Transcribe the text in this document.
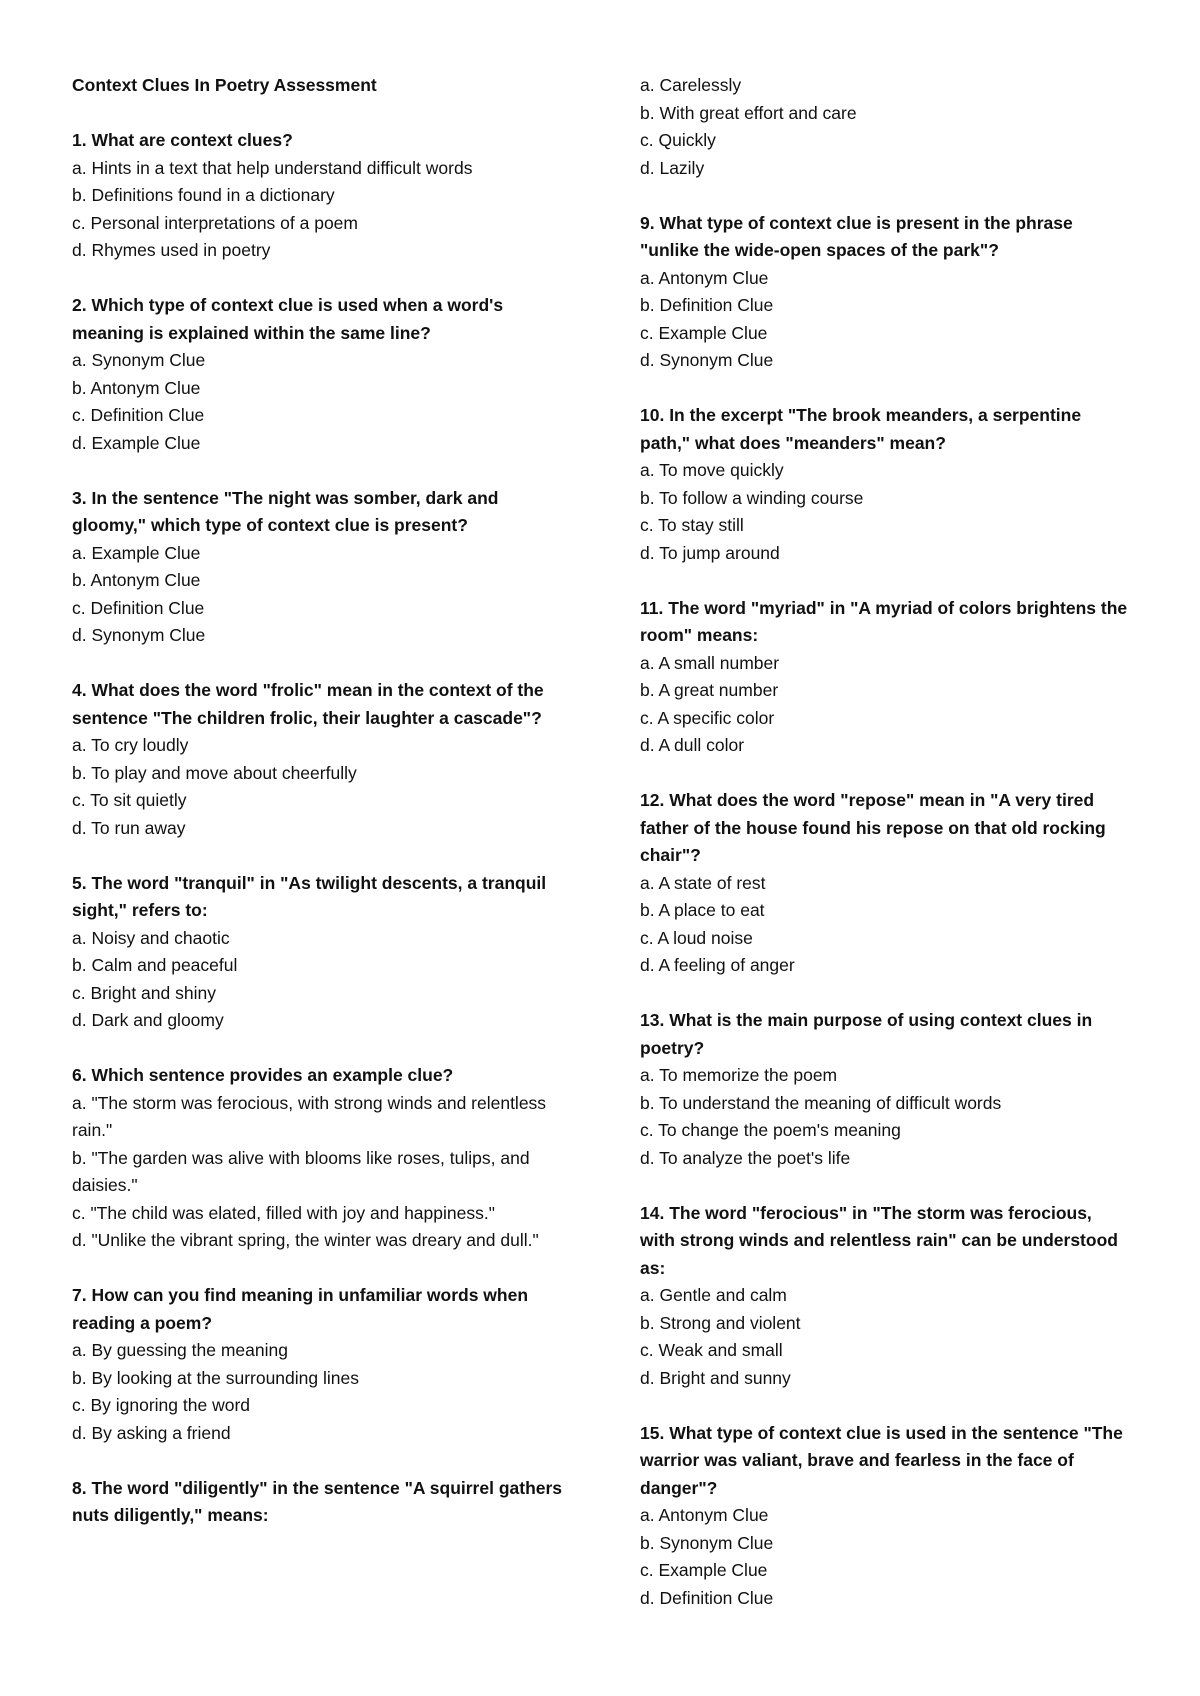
Context Clues In Poetry Assessment
1. What are context clues?
a. Hints in a text that help understand difficult words
b. Definitions found in a dictionary
c. Personal interpretations of a poem
d. Rhymes used in poetry
2. Which type of context clue is used when a word's meaning is explained within the same line?
a. Synonym Clue
b. Antonym Clue
c. Definition Clue
d. Example Clue
3. In the sentence "The night was somber, dark and gloomy," which type of context clue is present?
a. Example Clue
b. Antonym Clue
c. Definition Clue
d. Synonym Clue
4. What does the word "frolic" mean in the context of the sentence "The children frolic, their laughter a cascade"?
a. To cry loudly
b. To play and move about cheerfully
c. To sit quietly
d. To run away
5. The word "tranquil" in "As twilight descents, a tranquil sight," refers to:
a. Noisy and chaotic
b. Calm and peaceful
c. Bright and shiny
d. Dark and gloomy
6. Which sentence provides an example clue?
a. "The storm was ferocious, with strong winds and relentless rain."
b. "The garden was alive with blooms like roses, tulips, and daisies."
c. "The child was elated, filled with joy and happiness."
d. "Unlike the vibrant spring, the winter was dreary and dull."
7. How can you find meaning in unfamiliar words when reading a poem?
a. By guessing the meaning
b. By looking at the surrounding lines
c. By ignoring the word
d. By asking a friend
8. The word "diligently" in the sentence "A squirrel gathers nuts diligently," means:
a. Carelessly
b. With great effort and care
c. Quickly
d. Lazily
9. What type of context clue is present in the phrase "unlike the wide-open spaces of the park"?
a. Antonym Clue
b. Definition Clue
c. Example Clue
d. Synonym Clue
10. In the excerpt "The brook meanders, a serpentine path," what does "meanders" mean?
a. To move quickly
b. To follow a winding course
c. To stay still
d. To jump around
11. The word "myriad" in "A myriad of colors brightens the room" means:
a. A small number
b. A great number
c. A specific color
d. A dull color
12. What does the word "repose" mean in "A very tired father of the house found his repose on that old rocking chair"?
a. A state of rest
b. A place to eat
c. A loud noise
d. A feeling of anger
13. What is the main purpose of using context clues in poetry?
a. To memorize the poem
b. To understand the meaning of difficult words
c. To change the poem's meaning
d. To analyze the poet's life
14. The word "ferocious" in "The storm was ferocious, with strong winds and relentless rain" can be understood as:
a. Gentle and calm
b. Strong and violent
c. Weak and small
d. Bright and sunny
15. What type of context clue is used in the sentence "The warrior was valiant, brave and fearless in the face of danger"?
a. Antonym Clue
b. Synonym Clue
c. Example Clue
d. Definition Clue
